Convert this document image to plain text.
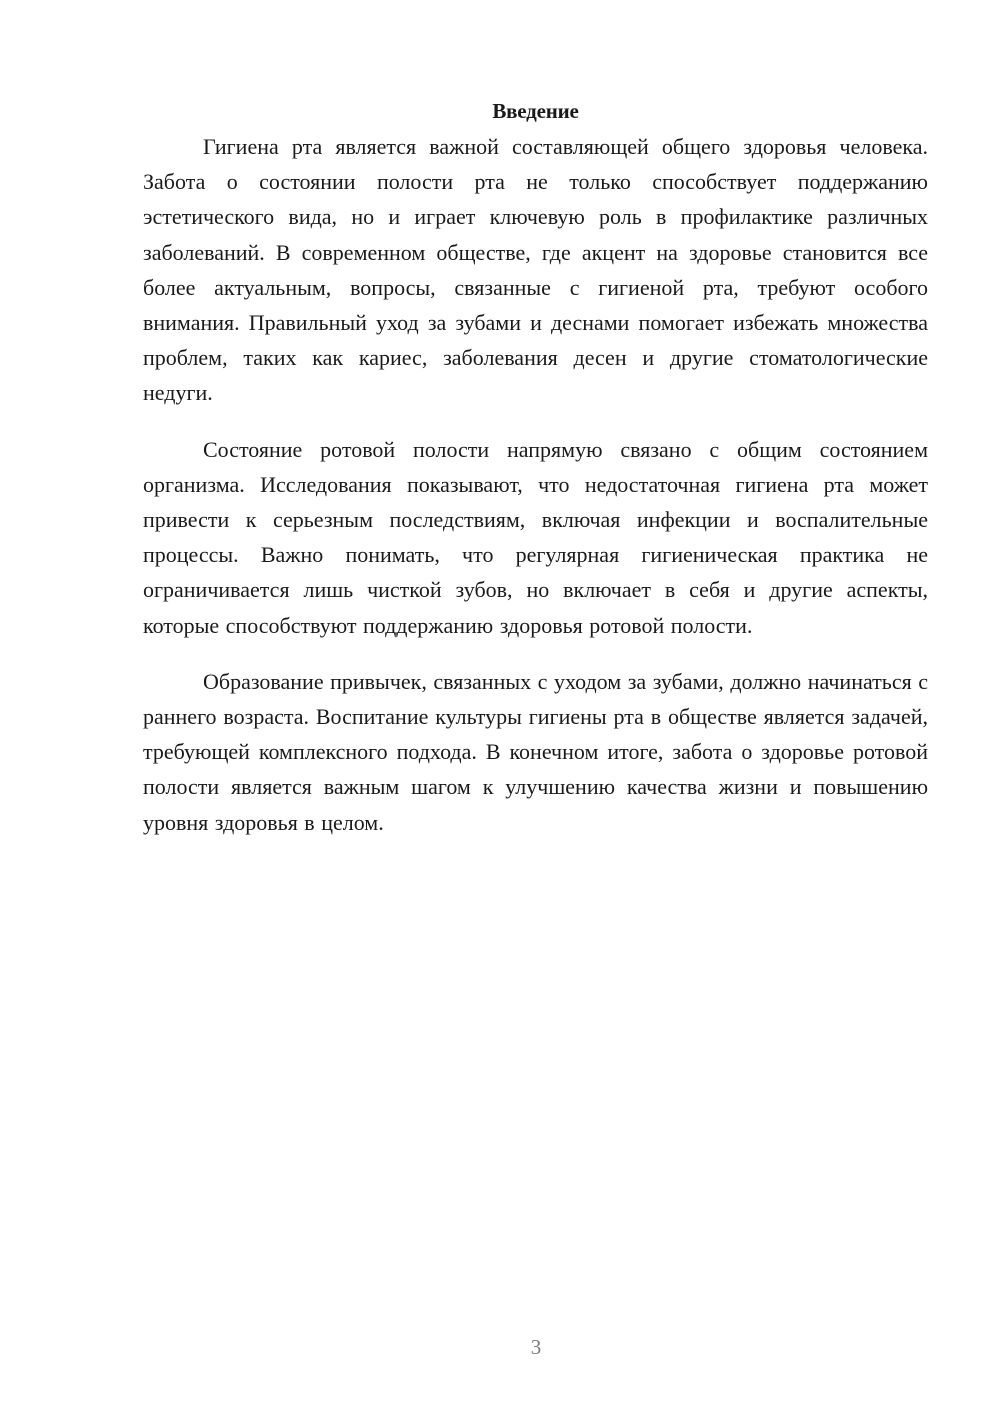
Введение

Гигиена рта является важной составляющей общего здоровья человека. Забота о состоянии полости рта не только способствует поддержанию эстетического вида, но и играет ключевую роль в профилактике различных заболеваний. В современном обществе, где акцент на здоровье становится все более актуальным, вопросы, связанные с гигиеной рта, требуют особого внимания. Правильный уход за зубами и деснами помогает избежать множества проблем, таких как кариес, заболевания десен и другие стоматологические недуги.

Состояние ротовой полости напрямую связано с общим состоянием организма. Исследования показывают, что недостаточная гигиена рта может привести к серьезным последствиям, включая инфекции и воспалительные процессы. Важно понимать, что регулярная гигиеническая практика не ограничивается лишь чисткой зубов, но включает в себя и другие аспекты, которые способствуют поддержанию здоровья ротовой полости.

Образование привычек, связанных с уходом за зубами, должно начинаться с раннего возраста. Воспитание культуры гигиены рта в обществе является задачей, требующей комплексного подхода. В конечном итоге, забота о здоровье ротовой полости является важным шагом к улучшению качества жизни и повышению уровня здоровья в целом.

3
